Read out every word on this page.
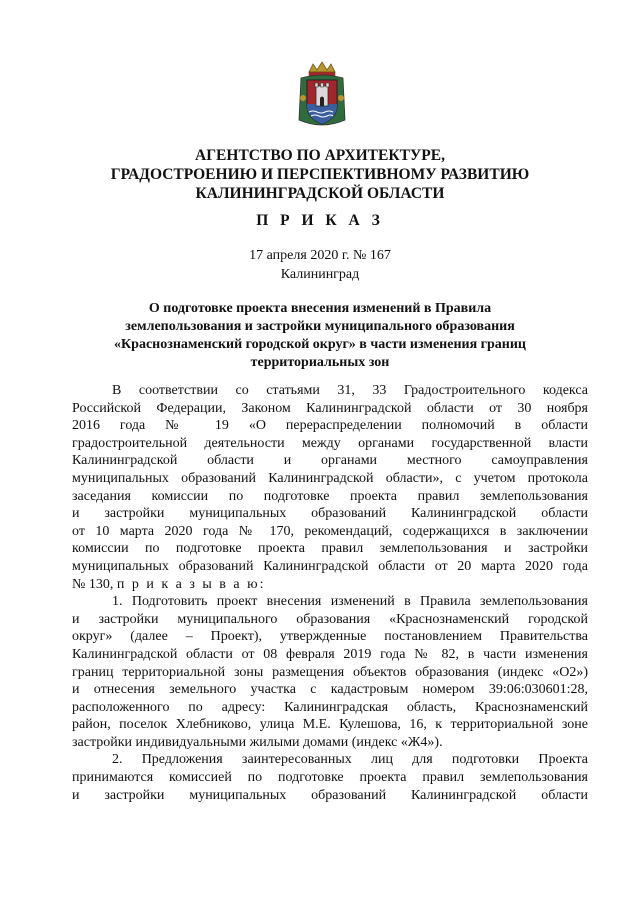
АГЕНТСТВО ПО АРХИТЕКТУРЕ,
ГРАДОСТРОЕНИЮ И ПЕРСПЕКТИВНОМУ РАЗВИТИЮ
КАЛИНИНГРАДСКОЙ ОБЛАСТИ
П Р И К А З
17 апреля 2020 г. № 167
Калининград
О подготовке проекта внесения изменений в Правила
землепользования и застройки муниципального образования
«Краснознаменский городской округ» в части изменения границ
территориальных зон
В соответствии со статьями 31, 33 Градостроительного кодекса
Российской Федерации, Законом Калининградской области от 30 ноября
2016 года № 19 «О перераспределении полномочий в области
градостроительной деятельности между органами государственной власти
Калининградской области и органами местного самоуправления
муниципальных образований Калининградской области», с учетом протокола
заседания комиссии по подготовке проекта правил землепользования
и застройки муниципальных образований Калининградской области
от 10 марта 2020 года № 170, рекомендаций, содержащихся в заключении
комиссии по подготовке проекта правил землепользования и застройки
муниципальных образований Калининградской области от 20 марта 2020 года
№ 130, п р и к а з ы в а ю:
1. Подготовить проект внесения изменений в Правила землепользования
и застройки муниципального образования «Краснознаменский городской
округ» (далее – Проект), утвержденные постановлением Правительства
Калининградской области от 08 февраля 2019 года № 82, в части изменения
границ территориальной зоны размещения объектов образования (индекс «О2»)
и отнесения земельного участка с кадастровым номером 39:06:030601:28,
расположенного по адресу: Калининградская область, Краснознаменский
район, поселок Хлебниково, улица М.Е. Кулешова, 16, к территориальной зоне
застройки индивидуальными жилыми домами (индекс «Ж4»).
2. Предложения заинтересованных лиц для подготовки Проекта
принимаются комиссией по подготовке проекта правил землепользования
и застройки муниципальных образований Калининградской области
